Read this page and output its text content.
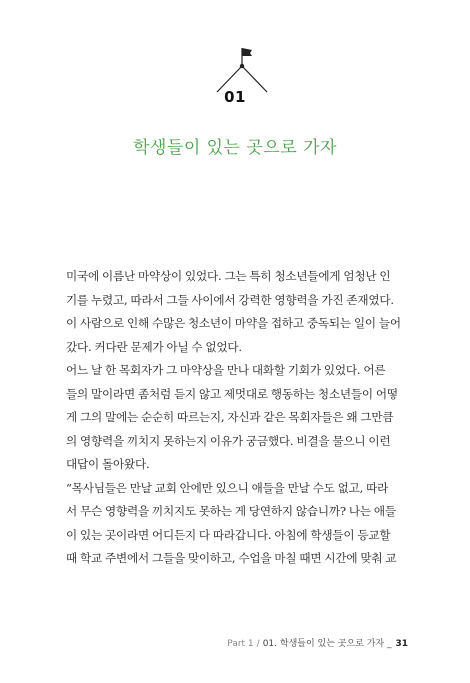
01
학생들이 있는 곳으로 가자
미국에 이름난 마약상이 있었다. 그는 특히 청소년들에게 엄청난 인
기를 누렸고, 따라서 그들 사이에서 강력한 영향력을 가진 존재였다.
이 사람으로 인해 수많은 청소년이 마약을 접하고 중독되는 일이 늘어
갔다. 커다란 문제가 아닐 수 없었다.
어느 날 한 목회자가 그 마약상을 만나 대화할 기회가 있었다. 어른
들의 말이라면 좀처럼 듣지 않고 제멋대로 행동하는 청소년들이 어떻
게 그의 말에는 순순히 따르는지, 자신과 같은 목회자들은 왜 그만큼
의 영향력을 끼치지 못하는지 이유가 궁금했다. 비결을 물으니 이런
대답이 돌아왔다.
“목사님들은 만날 교회 안에만 있으니 애들을 만날 수도 없고, 따라
서 무슨 영향력을 끼치지도 못하는 게 당연하지 않습니까? 나는 애들
이 있는 곳이라면 어디든지 다 따라갑니다. 아침에 학생들이 등교할
때 학교 주변에서 그들을 맞이하고, 수업을 마칠 때면 시간에 맞춰 교
Part 1 / 01. 학생들이 있는 곳으로 가자 _ 31
